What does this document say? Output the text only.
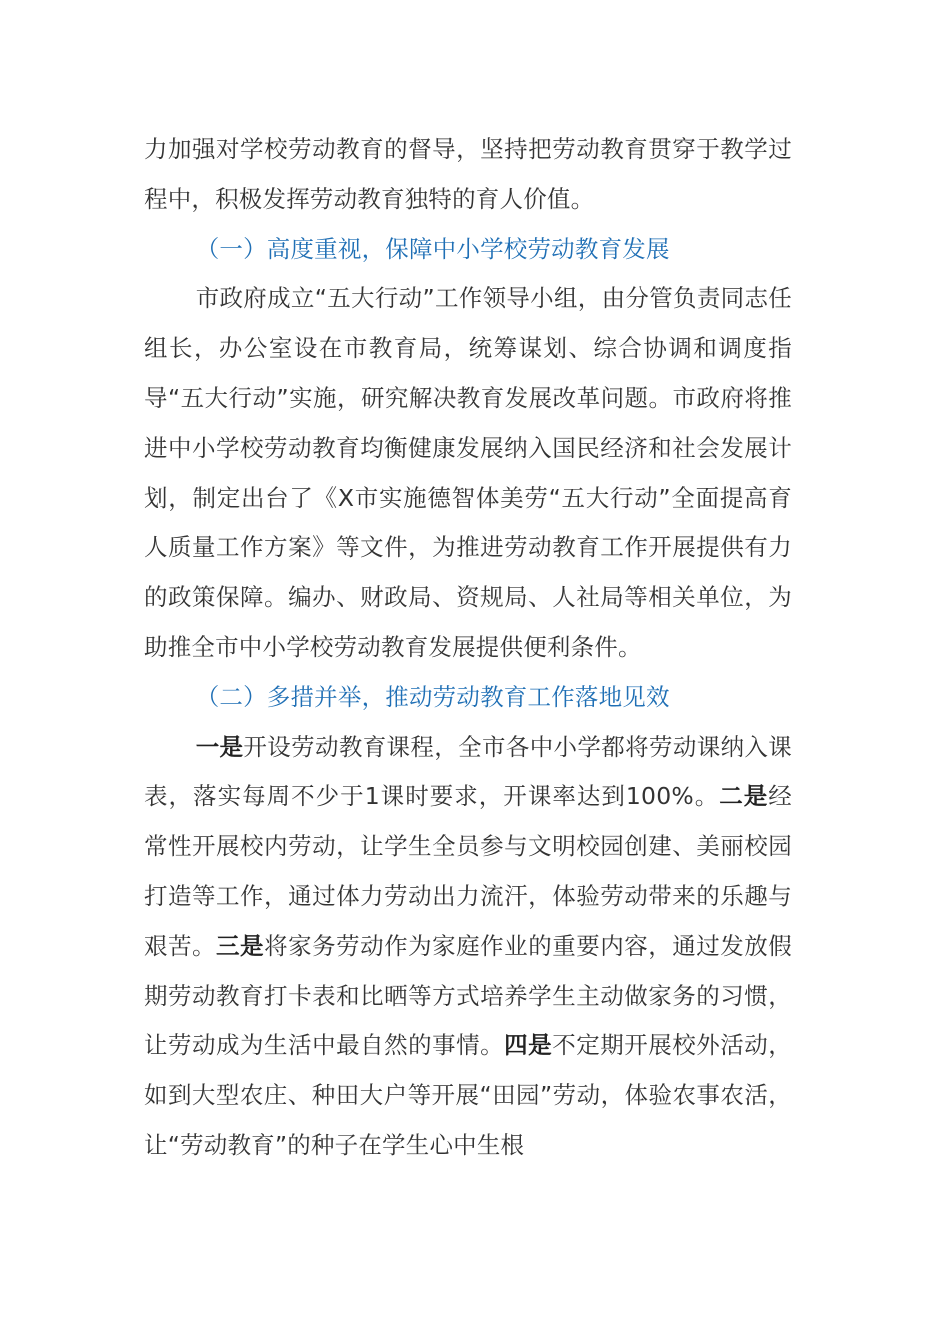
力加强对学校劳动教育的督导，坚持把劳动教育贯穿于教学过程中，积极发挥劳动教育独特的育人价值。

（一）高度重视，保障中小学校劳动教育发展

市政府成立“五大行动”工作领导小组，由分管负责同志任组长，办公室设在市教育局，统筹谋划、综合协调和调度指导“五大行动”实施，研究解决教育发展改革问题。市政府将推进中小学校劳动教育均衡健康发展纳入国民经济和社会发展计划，制定出台了《X市实施德智体美劳“五大行动”全面提高育人质量工作方案》等文件，为推进劳动教育工作开展提供有力的政策保障。编办、财政局、资规局、人社局等相关单位，为助推全市中小学校劳动教育发展提供便利条件。

（二）多措并举，推动劳动教育工作落地见效

一是开设劳动教育课程，全市各中小学都将劳动课纳入课表，落实每周不少于1课时要求，开课率达到100%。二是经常性开展校内劳动，让学生全员参与文明校园创建、美丽校园打造等工作，通过体力劳动出力流汗，体验劳动带来的乐趣与艰苦。三是将家务劳动作为家庭作业的重要内容，通过发放假期劳动教育打卡表和比晒等方式培养学生主动做家务的习惯，让劳动成为生活中最自然的事情。四是不定期开展校外活动，如到大型农庄、种田大户等开展“田园”劳动，体验农事农活，让“劳动教育”的种子在学生心中生根
